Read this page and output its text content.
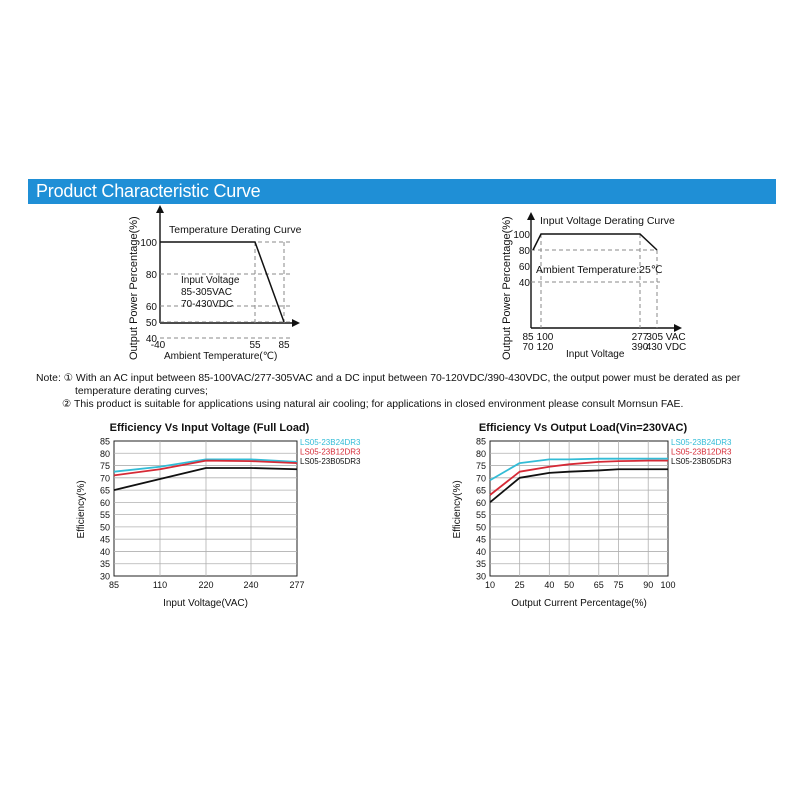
Product Characteristic Curve
Output Power Percentage(%)	Temperature Derating Curve
100
80
60
50
40
-40	55 85
Ambient Temperature(℃)
Input Voltage
85-305VAC
70-430VDC	Output Power Percentage(%)	Input Voltage Derating Curve
100
80
60
40
Ambient Temperature:25℃
85 100	277
305 VAC
70 120	390
430 VDC
Input Voltage
85
80
75
70
65
60
55
50
45
40
35
30
85	110	220	240	277
Efficiency Vs Input Voltage (Full Load)
Input Voltage(VAC)
Efficiency(%)
LS05-23B24DR3
LS05-23B12DR3
LS05-23B05DR3
85
80
75
70
65
60
55
50
45
40
35
30
10 25 40 50 65 75 90 100
Efficiency Vs Output Load(Vin=230VAC)
Output Current Percentage(%)
Efficiency(%)
LS05-23B24DR3
LS05-23B12DR3
LS05-23B05DR3
Note: ① With an AC input between 85-100VAC/277-305VAC and a DC input between 70-120VDC/390-430VDC, the output power must be derated as per
temperature derating curves;
② This product is suitable for applications using natural air cooling; for applications in closed environment please consult Mornsun FAE.
